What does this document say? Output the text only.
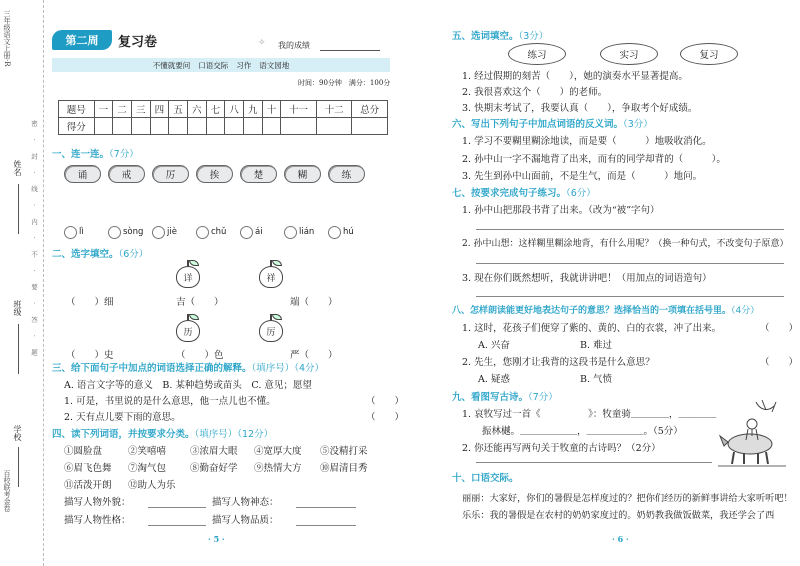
三年级语文上册·R
密 · 封 · 线 · 内 · 不 · 要 · 答 · 题
百校联考金卷
姓名
班级
学校
第二周	复习卷	✧ 我的成绩
不懂就要问 口语交际 习作 语文园地
时间：90分钟　满分：100分
题号	一	二	三	四	五	六	七	八	九	十	十一	十二	总分
得分													
一、连一连。（7分）
诵	戒	厉	挨	楚	糊	练
lì	sòng	jiè	chǔ	ái	lián	hú
二、选字填空。（6分）
详	祥
（　　）细	吉（　　）	端（　　）
历	厉
（　　）史	（　　）色	严（　　）
三、给下面句子中加点的词语选择正确的解释。（填序号）（4分）
A. 语言文字等的意义　B. 某种趋势或苗头　C. 意见；愿望
1. 可是，书里说的是什么意思，他一点儿也不懂。	（　　）
2. 天有点儿要下雨的意思。	（　　）
四、读下列词语，并按要求分类。（填序号）（12分）
①圆脸盘	②笑嘻嘻	③浓眉大眼 ④宽厚大度 ⑤没精打采
⑥眉飞色舞 ⑦淘气包	⑧勤奋好学 ⑨热情大方 ⑩眉清目秀
⑪活泼开朗 ⑫助人为乐
描写人物外貌：	描写人物神态：
描写人物性格：	描写人物品质：
· 5 ·
五、选词填空。（3分）
练习	实习	复习
1. 经过假期的刻苦（　　），她的演奏水平显著提高。
2. 我很喜欢这个（　　）的老师。
3. 快期末考试了，我要认真（　　），争取考个好成绩。
六、写出下列句子中加点词语的反义词。（3分）
1. 学习不要糊里糊涂地读，而是要（　　　）地吸收消化。
2. 孙中山一字不漏地背了出来，而有的同学却背的（　　　）。
3. 先生到孙中山面前，不是生气，而是（　　　）地问。
七、按要求完成句子练习。（6分）
1. 孙中山把那段书背了出来。（改为“被”字句）
2. 孙中山想：这样糊里糊涂地背，有什么用呢？（换一种句式，不改变句子原意）
3. 现在你们既然想听，我就讲讲吧！（用加点的词语造句）
八、怎样朗读能更好地表达句子的意思？选择恰当的一项填在括号里。（4分）
1. 这时，花孩子们便穿了紫的、黄的、白的衣裳，冲了出来。	（　　）
A. 兴奋	B. 难过
2. 先生，您刚才让我背的这段书是什么意思？	（　　）
A. 疑惑	B. 气愤
九、看图写古诗。（7分）
1. 哀牧写过一首《　　　　　》：牧童骑＿＿＿＿，＿＿＿＿
振林樾。＿＿＿＿＿＿，＿＿＿＿＿＿。（5分）
2. 你还能再写两句关于牧童的古诗吗？（2分）
十、口语交际。
丽丽：大家好，你们的暑假是怎样度过的？把你们经历的新鲜事讲给大家听听吧！
乐乐：我的暑假是在农村的奶奶家度过的。奶奶教我做饭做菜，我还学会了西
· 6 ·
